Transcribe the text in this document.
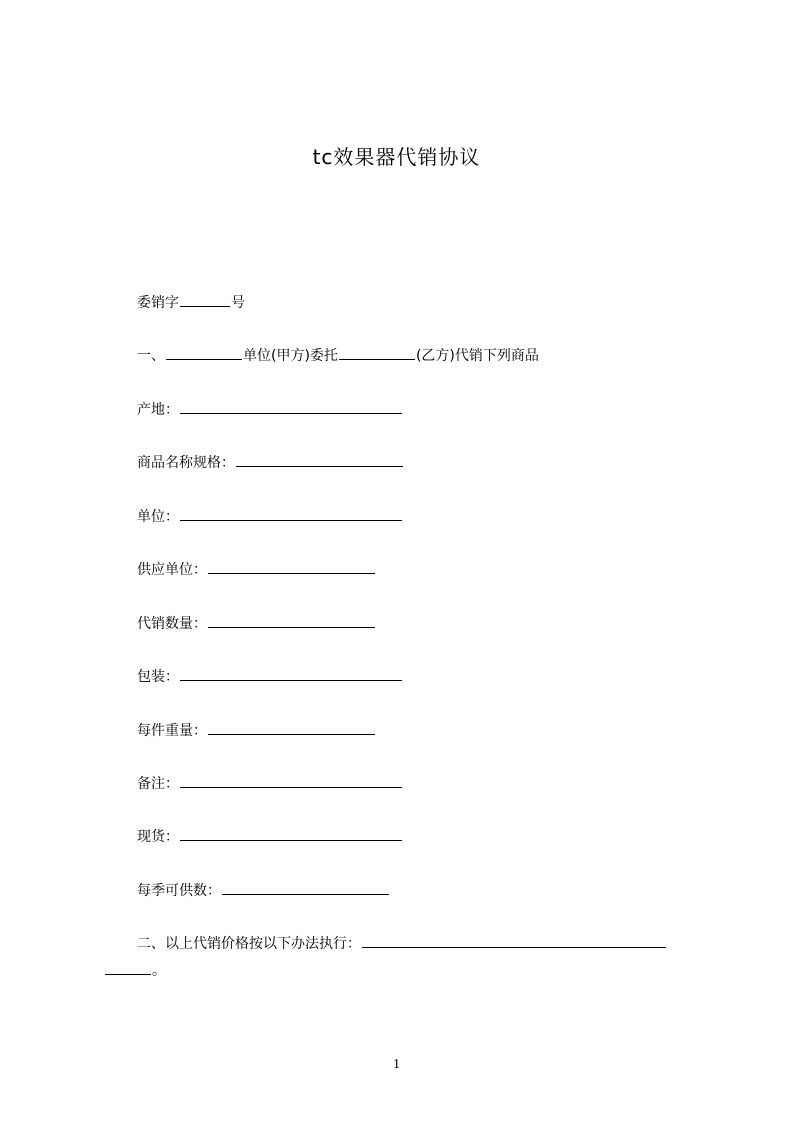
tc效果器代销协议
委销字	号
一、	单位(甲方)委托	(乙方)代销下列商品
产地：
商品名称规格：
单位：
供应单位：
代销数量：
包装：
每件重量：
备注：
现货：
每季可供数：
二、以上代销价格按以下办法执行：
。
1
